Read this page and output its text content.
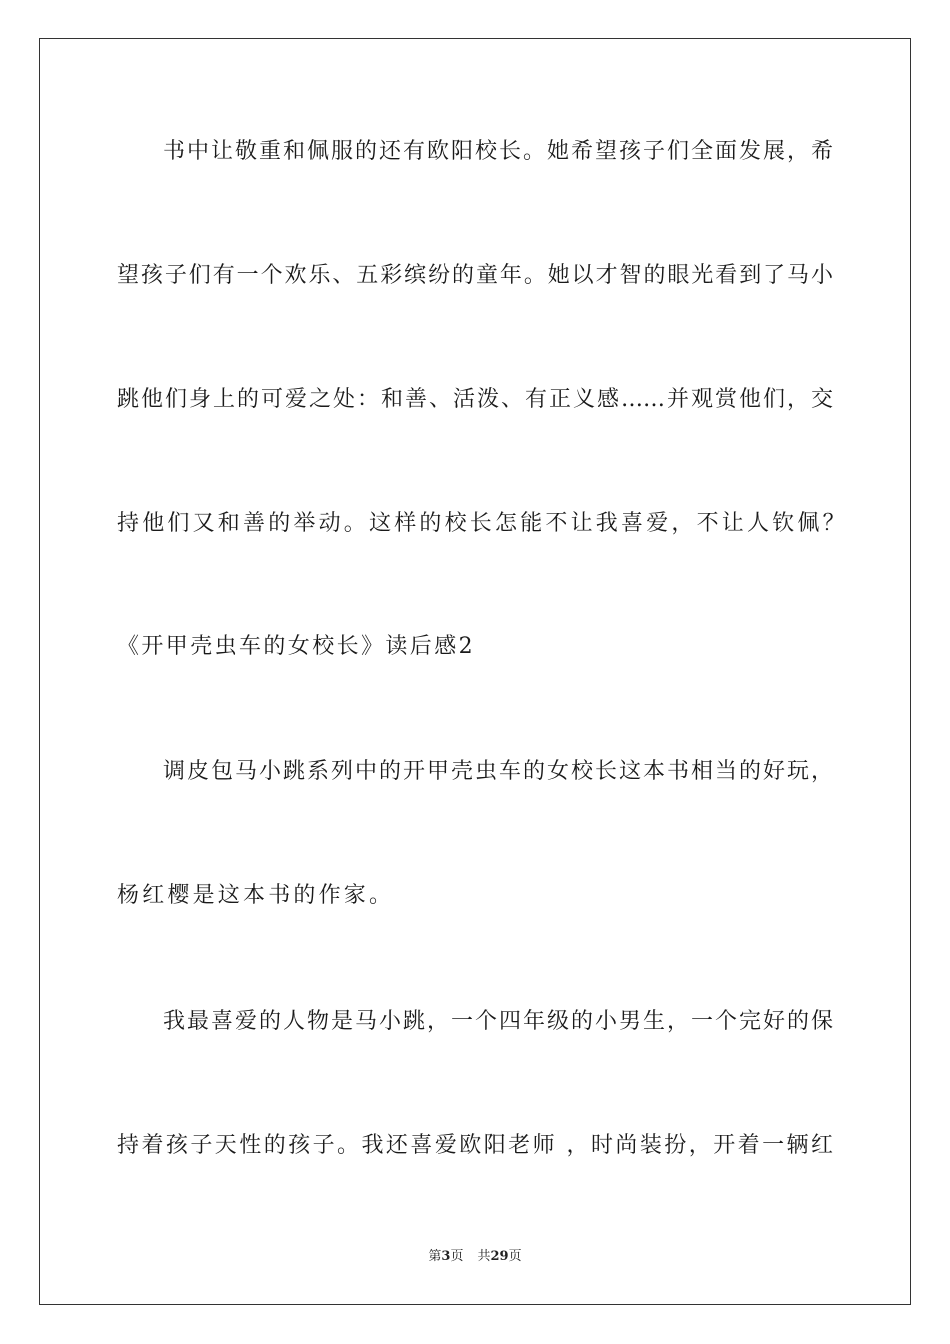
书中让敬重和佩服的还有欧阳校长。她希望孩子们全面发展，希
望孩子们有一个欢乐、五彩缤纷的童年。她以才智的眼光看到了马小
跳他们身上的可爱之处：和善、活泼、有正义感……并观赏他们，交
持他们又和善的举动。这样的校长怎能不让我喜爱，不让人钦佩？
《开甲壳虫车的女校长》读后感2
调皮包马小跳系列中的开甲壳虫车的女校长这本书相当的好玩，
杨红樱是这本书的作家。
我最喜爱的人物是马小跳，一个四年级的小男生，一个完好的保
持着孩子天性的孩子。我还喜爱欧阳老师 ，时尚装扮，开着一辆红
第3页 共29页
